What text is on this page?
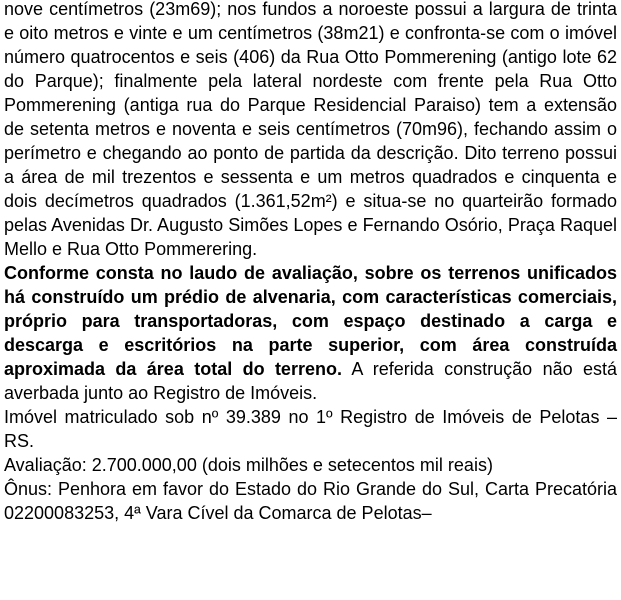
nove centímetros (23m69); nos fundos a noroeste possui a largura de trinta e oito metros e vinte e um centímetros (38m21) e confronta-se com o imóvel número quatrocentos e seis (406) da Rua Otto Pommerening (antigo lote 62 do Parque); finalmente pela lateral nordeste com frente pela Rua Otto Pommerening (antiga rua do Parque Residencial Paraiso) tem a extensão de setenta metros e noventa e seis centímetros (70m96), fechando assim o perímetro e chegando ao ponto de partida da descrição. Dito terreno possui a área de mil trezentos e sessenta e um metros quadrados e cinquenta e dois decímetros quadrados (1.361,52m²) e situa-se no quarteirão formado pelas Avenidas Dr. Augusto Simões Lopes e Fernando Osório, Praça Raquel Mello e Rua Otto Pommerering.

Conforme consta no laudo de avaliação, sobre os terrenos unificados há construído um prédio de alvenaria, com características comerciais, próprio para transportadoras, com espaço destinado a carga e descarga e escritórios na parte superior, com área construída aproximada da área total do terreno. A referida construção não está averbada junto ao Registro de Imóveis.

Imóvel matriculado sob nº 39.389 no 1º Registro de Imóveis de Pelotas – RS.

Avaliação: 2.700.000,00 (dois milhões e setecentos mil reais)

Ônus: Penhora em favor do Estado do Rio Grande do Sul, Carta Precatória 02200083253, 4ª Vara Cível da Comarca de Pelotas–
